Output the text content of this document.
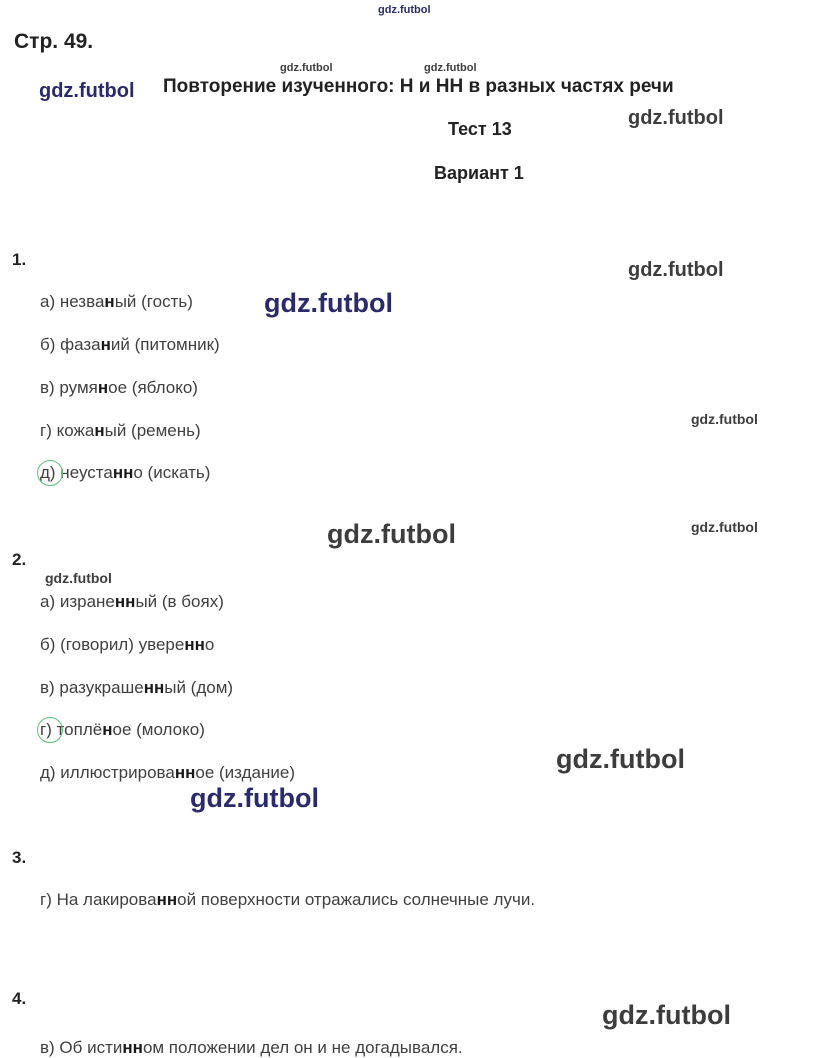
gdz.futbol
gdz.futbol	gdz.futbol
gdz.futbol
gdz.futbol
gdz.futbol
gdz.futbol
gdz.futbol
gdz.futbol
gdz.futbol
gdz.futbol
gdz.futbol
gdz.futbol
gdz.futbol
Стр. 49.
Повторение изученного: Н и НН в разных частях речи
Тест 13
Вариант 1
1.
а) незваный (гость)
б) фазаний (питомник)
в) румяное (яблоко)
г) кожаный (ремень)
д) неустанно (искать)
2.
а) израненный (в боях)
б) (говорил) уверенно
в) разукрашенный (дом)
г) топлёное (молоко)
д) иллюстрированное (издание)
3.
г) На лакированной поверхности отражались солнечные лучи.
4.
в) Об истинном положении дел он и не догадывался.
